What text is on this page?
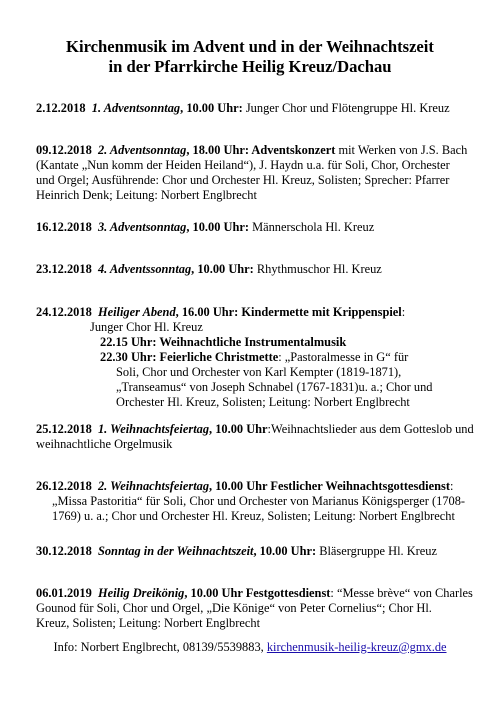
Kirchenmusik im Advent und in der Weihnachtszeit
in der Pfarrkirche Heilig Kreuz/Dachau
2.12.2018 1. Adventsonntag, 10.00 Uhr: Junger Chor und Flötengruppe Hl. Kreuz
09.12.2018 2. Adventsonntag, 18.00 Uhr: Adventskonzert mit Werken von J.S. Bach
(Kantate „Nun komm der Heiden Heiland“), J. Haydn u.a. für Soli, Chor, Orchester
und Orgel; Ausführende: Chor und Orchester Hl. Kreuz, Solisten; Sprecher: Pfarrer
Heinrich Denk; Leitung: Norbert Englbrecht
16.12.2018 3. Adventsonntag, 10.00 Uhr: Männerschola Hl. Kreuz
23.12.2018 4. Adventssonntag, 10.00 Uhr: Rhythmuschor Hl. Kreuz
24.12.2018 Heiliger Abend, 16.00 Uhr: Kindermette mit Krippenspiel:
Junger Chor Hl. Kreuz
22.15 Uhr: Weihnachtliche Instrumentalmusik
22.30 Uhr: Feierliche Christmette: „Pastoralmesse in G“ für
Soli, Chor und Orchester von Karl Kempter (1819-1871),
„Transeamus“ von Joseph Schnabel (1767-1831)u. a.; Chor und
Orchester Hl. Kreuz, Solisten; Leitung: Norbert Englbrecht
25.12.2018 1. Weihnachtsfeiertag, 10.00 Uhr:Weihnachtslieder aus dem Gotteslob und
weihnachtliche Orgelmusik
26.12.2018 2. Weihnachtsfeiertag, 10.00 Uhr Festlicher Weihnachtsgottesdienst:
„Missa Pastoritia“ für Soli, Chor und Orchester von Marianus Königsperger (1708-
1769) u. a.; Chor und Orchester Hl. Kreuz, Solisten; Leitung: Norbert Englbrecht
30.12.2018 Sonntag in der Weihnachtszeit, 10.00 Uhr: Bläsergruppe Hl. Kreuz
06.01.2019 Heilig Dreikönig, 10.00 Uhr Festgottesdienst: “Messe brève“ von Charles
Gounod für Soli, Chor und Orgel, „Die Könige“ von Peter Cornelius“; Chor Hl.
Kreuz, Solisten; Leitung: Norbert Englbrecht
Info: Norbert Englbrecht, 08139/5539883, kirchenmusik-heilig-kreuz@gmx.de
